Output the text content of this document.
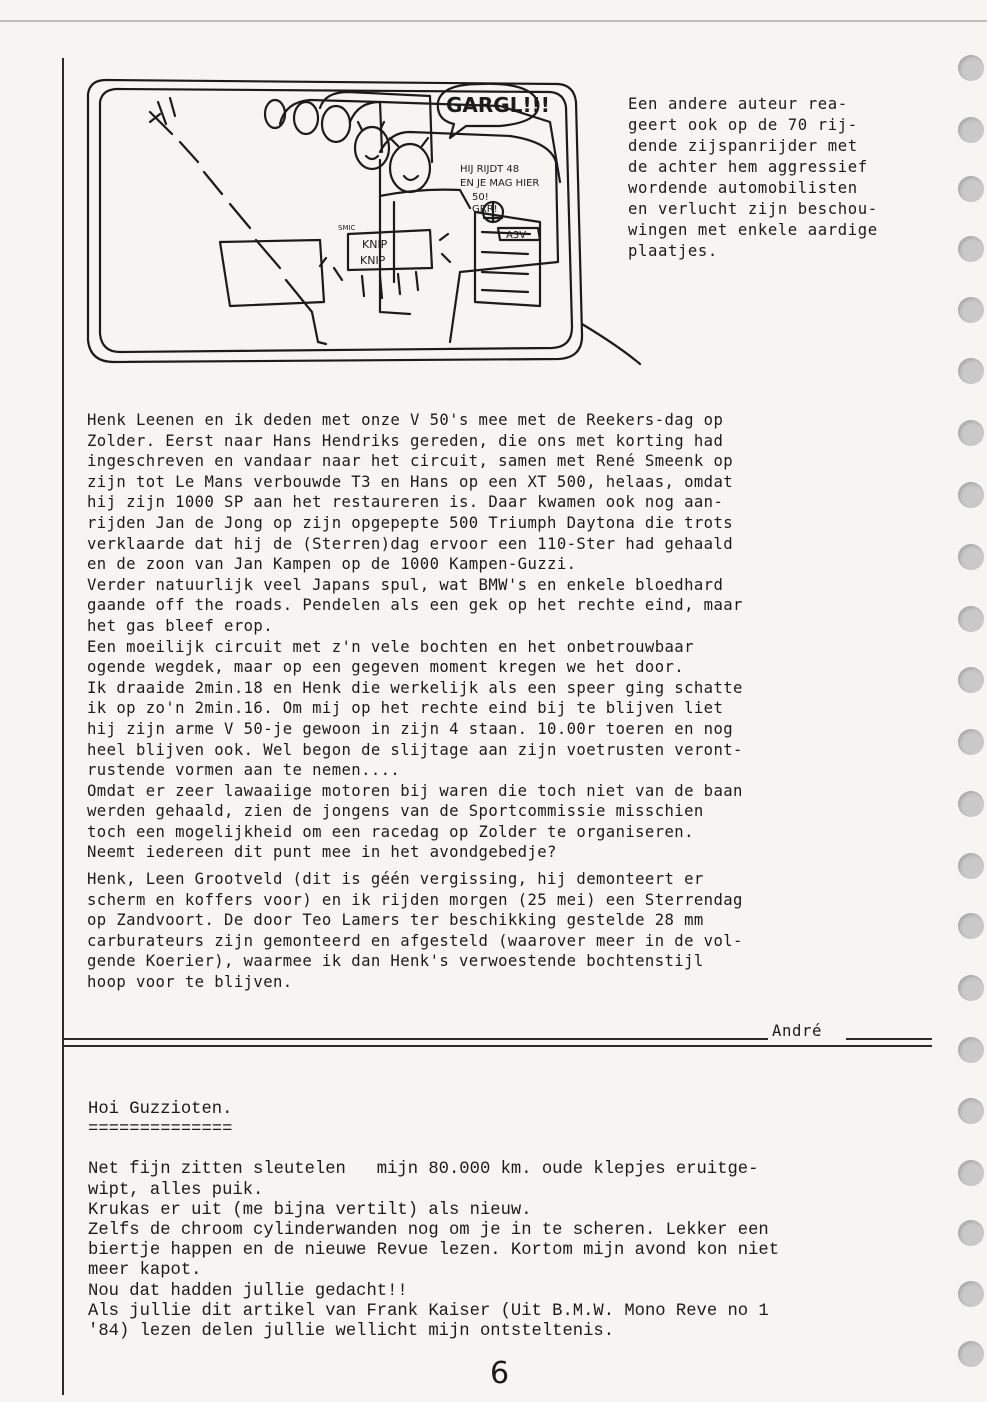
GARGL!!!
HIJ RIJDT 48
EN JE MAG HIER
50!
GRR!
KNIP
KNIP
A3V
SMIC
Een andere auteur rea-
geert ook op de 70 rij-
dende zijspanrijder met
de achter hem aggressief
wordende automobilisten
en verlucht zijn beschou-
wingen met enkele aardige
plaatjes.
Henk Leenen en ik deden met onze V 50's mee met de Reekers-dag op
Zolder. Eerst naar Hans Hendriks gereden, die ons met korting had
ingeschreven en vandaar naar het circuit, samen met René Smeenk op
zijn tot Le Mans verbouwde T3 en Hans op een XT 500, helaas, omdat
hij zijn 1000 SP aan het restaureren is. Daar kwamen ook nog aan-
rijden Jan de Jong op zijn opgepepte 500 Triumph Daytona die trots
verklaarde dat hij de (Sterren)dag ervoor een 110-Ster had gehaald
en de zoon van Jan Kampen op de 1000 Kampen-Guzzi.
Verder natuurlijk veel Japans spul, wat BMW's en enkele bloedhard
gaande off the roads. Pendelen als een gek op het rechte eind, maar
het gas bleef erop.
Een moeilijk circuit met z'n vele bochten en het onbetrouwbaar
ogende wegdek, maar op een gegeven moment kregen we het door.
Ik draaide 2min.18 en Henk die werkelijk als een speer ging schatte
ik op zo'n 2min.16. Om mij op het rechte eind bij te blijven liet
hij zijn arme V 50-je gewoon in zijn 4 staan. 10.00r toeren en nog
heel blijven ook. Wel begon de slijtage aan zijn voetrusten veront-
rustende vormen aan te nemen....
Omdat er zeer lawaaiige motoren bij waren die toch niet van de baan
werden gehaald, zien de jongens van de Sportcommissie misschien
toch een mogelijkheid om een racedag op Zolder te organiseren.
Neemt iedereen dit punt mee in het avondgebedje?
Henk, Leen Grootveld (dit is géén vergissing, hij demonteert er
scherm en koffers voor) en ik rijden morgen (25 mei) een Sterrendag
op Zandvoort. De door Teo Lamers ter beschikking gestelde 28 mm
carburateurs zijn gemonteerd en afgesteld (waarover meer in de vol-
gende Koerier), waarmee ik dan Henk's verwoestende bochtenstijl
hoop voor te blijven.
André
Hoi Guzzioten.
==============
Net fijn zitten sleutelen   mijn 80.000 km. oude klepjes eruitge-
wipt, alles puik.
Krukas er uit (me bijna vertilt) als nieuw.
Zelfs de chroom cylinderwanden nog om je in te scheren. Lekker een
biertje happen en de nieuwe Revue lezen. Kortom mijn avond kon niet
meer kapot.
Nou dat hadden jullie gedacht!!
Als jullie dit artikel van Frank Kaiser (Uit B.M.W. Mono Reve no 1
'84) lezen delen jullie wellicht mijn ontsteltenis.
6
